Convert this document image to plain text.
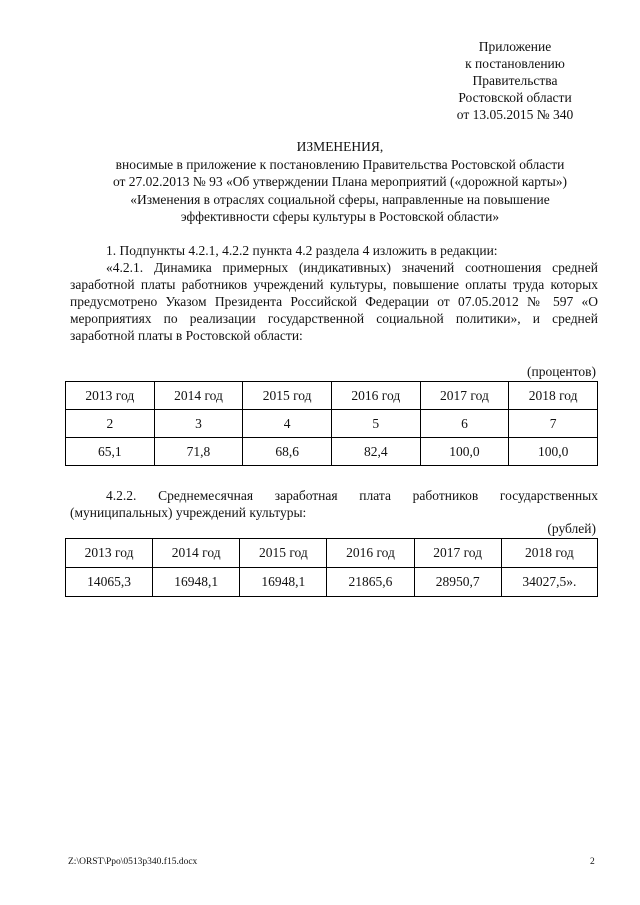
Приложение
к постановлению
Правительства
Ростовской области
от 13.05.2015 № 340
ИЗМЕНЕНИЯ,
вносимые в приложение к постановлению Правительства Ростовской области
от 27.02.2013 № 93 «Об утверждении Плана мероприятий («дорожной карты»)
«Изменения в отраслях социальной сферы, направленные на повышение
эффективности сферы культуры в Ростовской области»
1. Подпункты 4.2.1, 4.2.2 пункта 4.2 раздела 4 изложить в редакции:
«4.2.1. Динамика примерных (индикативных) значений соотношения средней заработной платы работников учреждений культуры, повышение оплаты труда которых предусмотрено Указом Президента Российской Федерации от 07.05.2012 № 597 «О мероприятиях по реализации государственной социальной политики», и средней заработной платы в Ростовской области:
(процентов)
2013 год	2014 год	2015 год	2016 год	2017 год	2018 год
2	3	4	5	6	7
65,1	71,8	68,6	82,4	100,0	100,0
4.2.2. Среднемесячная заработная плата работников государственных (муниципальных) учреждений культуры:
(рублей)
2013 год	2014 год	2015 год	2016 год	2017 год	2018 год
14065,3	16948,1	16948,1	21865,6	28950,7	34027,5».
Z:\ORST\Ppo\0513p340.f15.docx	2
